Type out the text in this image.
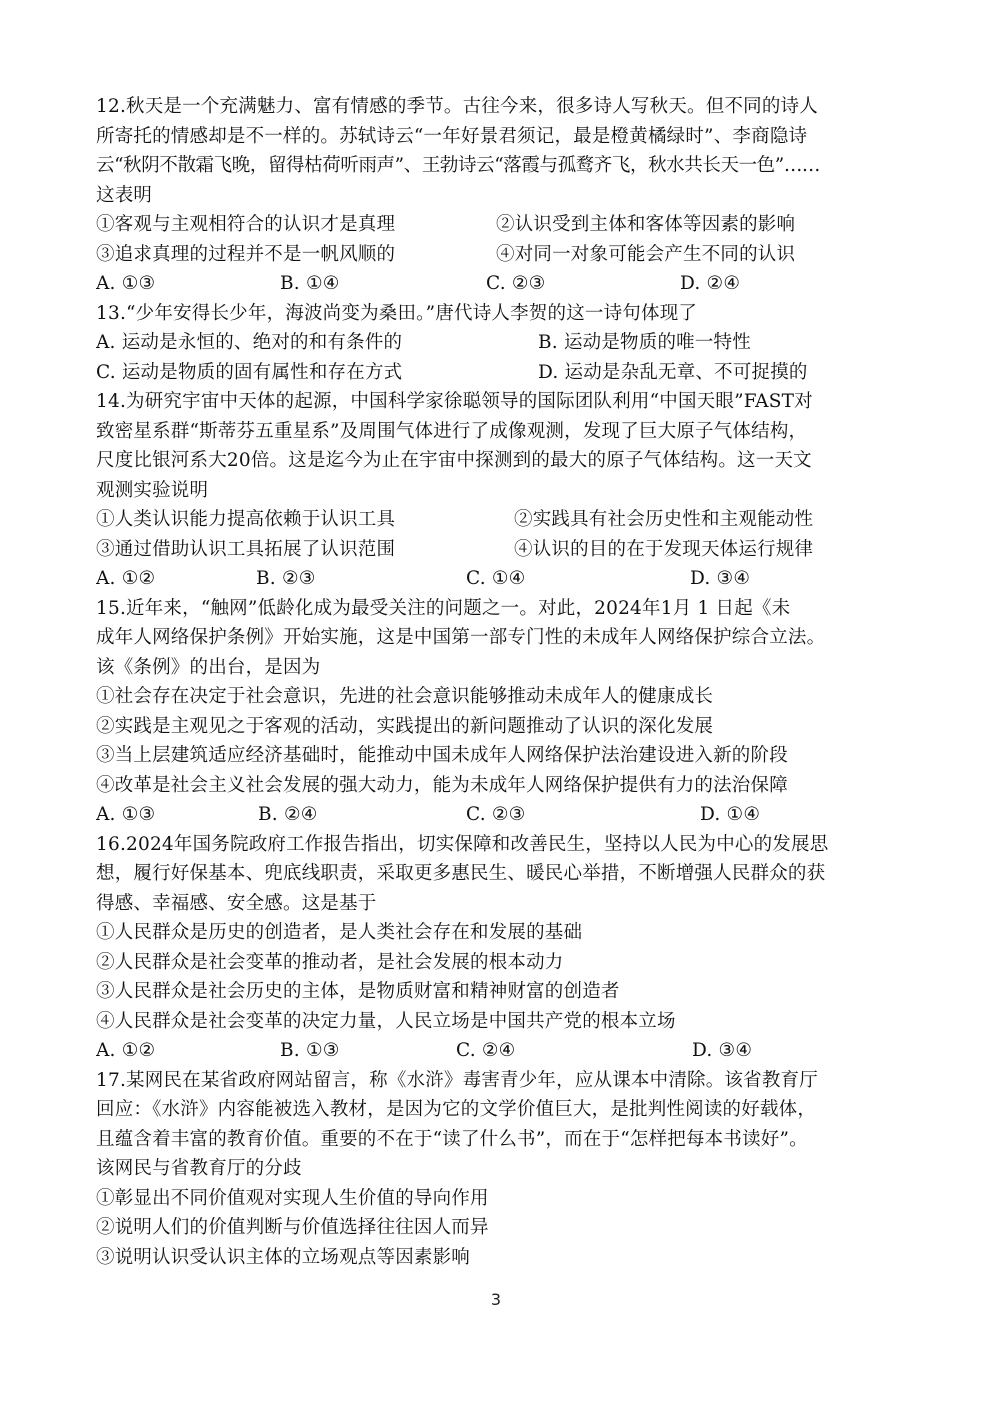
12.秋天是一个充满魅力、富有情感的季节。古往今来，很多诗人写秋天。但不同的诗人
所寄托的情感却是不一样的。苏轼诗云“一年好景君须记，最是橙黄橘绿时”、李商隐诗
云“秋阴不散霜飞晚，留得枯荷听雨声”、王勃诗云“落霞与孤鹜齐飞，秋水共长天一色”……
这表明
①客观与主观相符合的认识才是真理	②认识受到主体和客体等因素的影响
③追求真理的过程并不是一帆风顺的	④对同一对象可能会产生不同的认识
A. ①③	B. ①④	C. ②③	D. ②④
13.“少年安得长少年，海波尚变为桑田。”唐代诗人李贺的这一诗句体现了
A. 运动是永恒的、绝对的和有条件的	B. 运动是物质的唯一特性
C. 运动是物质的固有属性和存在方式	D. 运动是杂乱无章、不可捉摸的
14.为研究宇宙中天体的起源，中国科学家徐聪领导的国际团队利用“中国天眼”FAST对
致密星系群“斯蒂芬五重星系”及周围气体进行了成像观测，发现了巨大原子气体结构，
尺度比银河系大20倍。这是迄今为止在宇宙中探测到的最大的原子气体结构。这一天文
观测实验说明
①人类认识能力提高依赖于认识工具	②实践具有社会历史性和主观能动性
③通过借助认识工具拓展了认识范围	④认识的目的在于发现天体运行规律
A. ①②	B. ②③	C. ①④	D. ③④
15.近年来，“触网”低龄化成为最受关注的问题之一。对此，2024年1月 1 日起《未
成年人网络保护条例》开始实施，这是中国第一部专门性的未成年人网络保护综合立法。
该《条例》的出台，是因为
①社会存在决定于社会意识，先进的社会意识能够推动未成年人的健康成长
②实践是主观见之于客观的活动，实践提出的新问题推动了认识的深化发展
③当上层建筑适应经济基础时，能推动中国未成年人网络保护法治建设进入新的阶段
④改革是社会主义社会发展的强大动力，能为未成年人网络保护提供有力的法治保障
A. ①③	B. ②④	C. ②③	D. ①④
16.2024年国务院政府工作报告指出，切实保障和改善民生，坚持以人民为中心的发展思
想，履行好保基本、兜底线职责，采取更多惠民生、暖民心举措，不断增强人民群众的获
得感、幸福感、安全感。这是基于
①人民群众是历史的创造者，是人类社会存在和发展的基础
②人民群众是社会变革的推动者，是社会发展的根本动力
③人民群众是社会历史的主体，是物质财富和精神财富的创造者
④人民群众是社会变革的决定力量，人民立场是中国共产党的根本立场
A. ①②	B. ①③	C. ②④	D. ③④
17.某网民在某省政府网站留言，称《水浒》毒害青少年，应从课本中清除。该省教育厅
回应：《水浒》内容能被选入教材，是因为它的文学价值巨大，是批判性阅读的好载体，
且蕴含着丰富的教育价值。重要的不在于“读了什么书”，而在于“怎样把每本书读好”。
该网民与省教育厅的分歧
①彰显出不同价值观对实现人生价值的导向作用
②说明人们的价值判断与价值选择往往因人而异
③说明认识受认识主体的立场观点等因素影响
3
